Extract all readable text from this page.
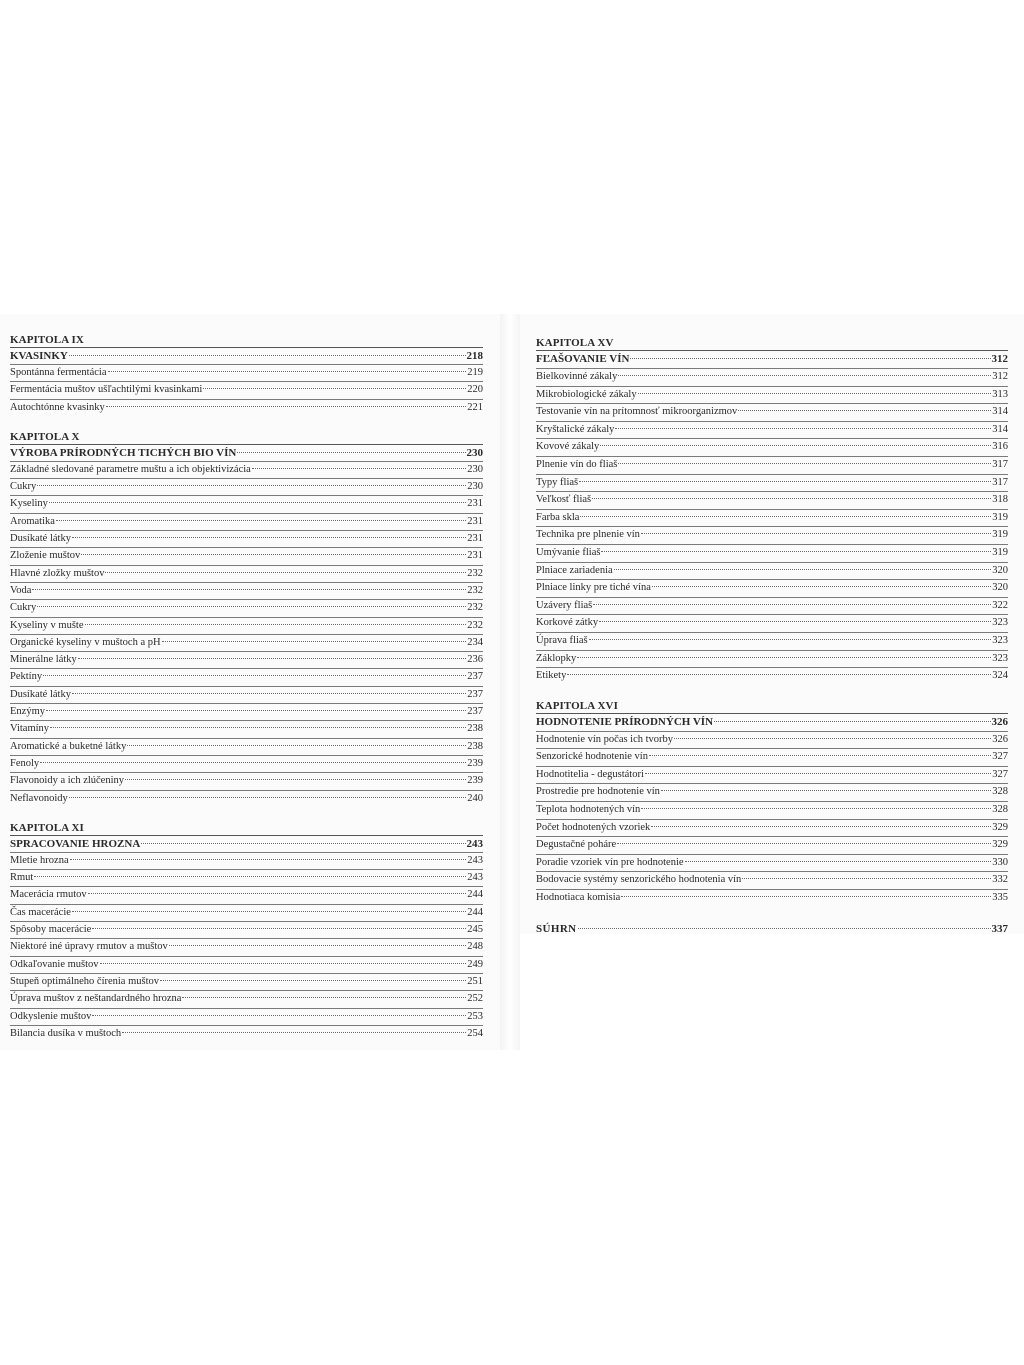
KAPITOLA IX
KVASINKY	218
Spontánna fermentácia	219
Fermentácia muštov ušľachtilými kvasinkami	220
Autochtónne kvasinky	221
KAPITOLA X
VÝROBA PRÍRODNÝCH TICHÝCH BIO VÍN	230
Základné sledované parametre muštu a ich objektivizácia	230
Cukry	230
Kyseliny	231
Aromatika	231
Dusíkaté látky	231
Zloženie muštov	231
Hlavné zložky muštov	232
Voda	232
Cukry	232
Kyseliny v mušte	232
Organické kyseliny v muštoch a pH	234
Minerálne látky	236
Pektíny	237
Dusíkaté látky	237
Enzýmy	237
Vitamíny	238
Aromatické a buketné látky	238
Fenoly	239
Flavonoidy a ich zlúčeniny	239
Neflavonoidy	240
KAPITOLA XI
SPRACOVANIE HROZNA	243
Mletie hrozna	243
Rmut	243
Macerácia rmutov	244
Čas macerácie	244
Spôsoby macerácie	245
Niektoré iné úpravy rmutov a muštov	248
Odkaľovanie muštov	249
Stupeň optimálneho čírenia muštov	251
Úprava muštov z neštandardného hrozna	252
Odkyslenie muštov	253
Bilancia dusíka v muštoch	254
KAPITOLA XV
FĽAŠOVANIE VÍN	312
Bielkovinné zákaly	312
Mikrobiologické zákaly	313
Testovanie vín na prítomnosť mikroorganizmov	314
Kryštalické zákaly	314
Kovové zákaly	316
Plnenie vín do fliaš	317
Typy fliaš	317
Veľkosť fliaš	318
Farba skla	319
Technika pre plnenie vín	319
Umývanie fliaš	319
Plniace zariadenia	320
Plniace linky pre tiché vína	320
Uzávery fliaš	322
Korkové zátky	323
Úprava fliaš	323
Záklopky	323
Etikety	324
KAPITOLA XVI
HODNOTENIE PRÍRODNÝCH VÍN	326
Hodnotenie vín počas ich tvorby	326
Senzorické hodnotenie vín	327
Hodnotitelia - degustátori	327
Prostredie pre hodnotenie vín	328
Teplota hodnotených vín	328
Počet hodnotených vzoriek	329
Degustačné poháre	329
Poradie vzoriek vín pre hodnotenie	330
Bodovacie systémy senzorického hodnotenia vín	332
Hodnotiaca komisia	335
SÚHRN	337
